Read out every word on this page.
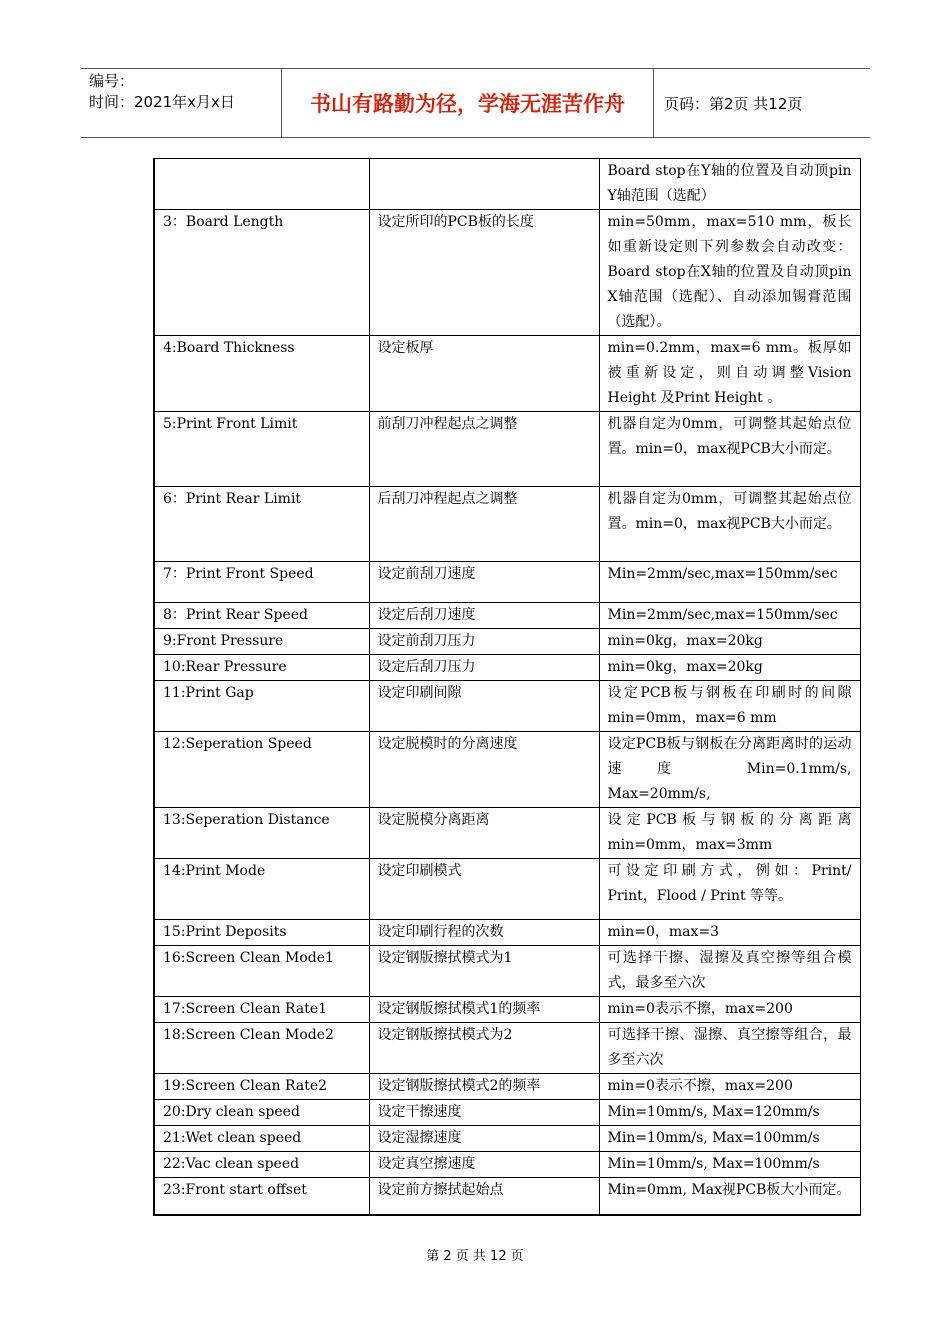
编号：
时间：2021年x月x日	书山有路勤为径，学海无涯苦作舟	页码：第2页 共12页
		Board stop在Y轴的位置及自动顶pin Y轴范围（选配）
3：Board Length	设定所印的PCB板的长度	min=50mm，max=510 mm，板长如重新设定则下列参数会自动改变： Board stop在X轴的位置及自动顶pin X轴范围（选配）、自动添加锡膏范围（选配）。
4:Board Thickness	设定板厚	min=0.2mm，max=6 mm。板厚如被重新设定，则自动调整Vision Height 及Print Height 。
5:Print Front Limit	前刮刀冲程起点之调整	机器自定为0mm，可调整其起始点位置。min=0，max视PCB大小而定。
6：Print Rear Limit	后刮刀冲程起点之调整	机器自定为0mm，可调整其起始点位置。min=0，max视PCB大小而定。
7：Print Front Speed	设定前刮刀速度	Min=2mm/sec,max=150mm/sec
8：Print Rear Speed	设定后刮刀速度	Min=2mm/sec,max=150mm/sec
9:Front Pressure	设定前刮刀压力	min=0kg，max=20kg
10:Rear Pressure	设定后刮刀压力	min=0kg，max=20kg
11:Print Gap	设定印刷间隙	设定PCB板与钢板在印刷时的间隙min=0mm，max=6 mm
12:Seperation Speed	设定脱模时的分离速度	设定PCB板与钢板在分离距离时的运动速度 Min=0.1mm/s, Max=20mm/s,
13:Seperation Distance	设定脱模分离距离	设定PCB板与钢板的分离距离min=0mm，max=3mm
14:Print Mode	设定印刷模式	可设定印刷方式，例如：Print/ Print，Flood / Print 等等。
15:Print Deposits	设定印刷行程的次数	min=0，max=3
16:Screen Clean Mode1	设定钢版擦拭模式为1	可选择干擦、湿擦及真空擦等组合模式，最多至六次
17:Screen Clean Rate1	设定钢版擦拭模式1的频率	min=0表示不擦，max=200
18:Screen Clean Mode2	设定钢版擦拭模式为2	可选择干擦、湿擦、真空擦等组合，最多至六次
19:Screen Clean Rate2	设定钢版擦拭模式2的频率	min=0表示不擦，max=200
20:Dry clean speed	设定干擦速度	Min=10mm/s, Max=120mm/s
21:Wet clean speed	设定湿擦速度	Min=10mm/s, Max=100mm/s
22:Vac clean speed	设定真空擦速度	Min=10mm/s, Max=100mm/s
23:Front start offset	设定前方擦拭起始点	Min=0mm, Max视PCB板大小而定。
第 2 页 共 12 页
